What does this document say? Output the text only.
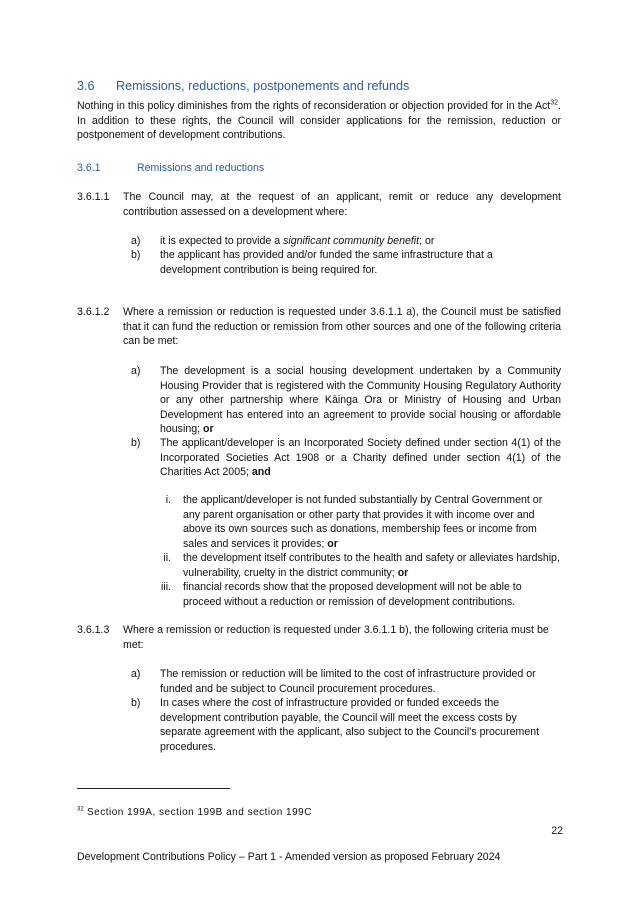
3.6 Remissions, reductions, postponements and refunds
Nothing in this policy diminishes from the rights of reconsideration or objection provided for in the Act$^{32}$. In addition to these rights, the Council will consider applications for the remission, reduction or postponement of development contributions.
3.6.1	Remissions and reductions
3.6.1.1	The Council may, at the request of an applicant, remit or reduce any development contribution assessed on a development where:
a)	it is expected to provide a significant community benefit; or
b)	the applicant has provided and/or funded the same infrastructure that a development contribution is being required for.
3.6.1.2	Where a remission or reduction is requested under 3.6.1.1 a), the Council must be satisfied that it can fund the reduction or remission from other sources and one of the following criteria can be met:
a)	The development is a social housing development undertaken by a Community Housing Provider that is registered with the Community Housing Regulatory Authority or any other partnership where Kāinga Ora or Ministry of Housing and Urban Development has entered into an agreement to provide social housing or affordable housing; or
b)	The applicant/developer is an Incorporated Society defined under section 4(1) of the Incorporated Societies Act 1908 or a Charity defined under section 4(1) of the Charities Act 2005; and
i. the applicant/developer is not funded substantially by Central Government or any parent organisation or other party that provides it with income over and above its own sources such as donations, membership fees or income from sales and services it provides; or
ii. the development itself contributes to the health and safety or alleviates hardship, vulnerability, cruelty in the district community; or
iii. financial records show that the proposed development will not be able to proceed without a reduction or remission of development contributions.
3.6.1.3	Where a remission or reduction is requested under 3.6.1.1 b), the following criteria must be met:
a)	The remission or reduction will be limited to the cost of infrastructure provided or funded and be subject to Council procurement procedures.
b)	In cases where the cost of infrastructure provided or funded exceeds the development contribution payable, the Council will meet the excess costs by separate agreement with the applicant, also subject to the Council’s procurement procedures.
$^{32}$ Section 199A, section 199B and section 199C
22
Development Contributions Policy – Part 1 - Amended version as proposed February 2024
